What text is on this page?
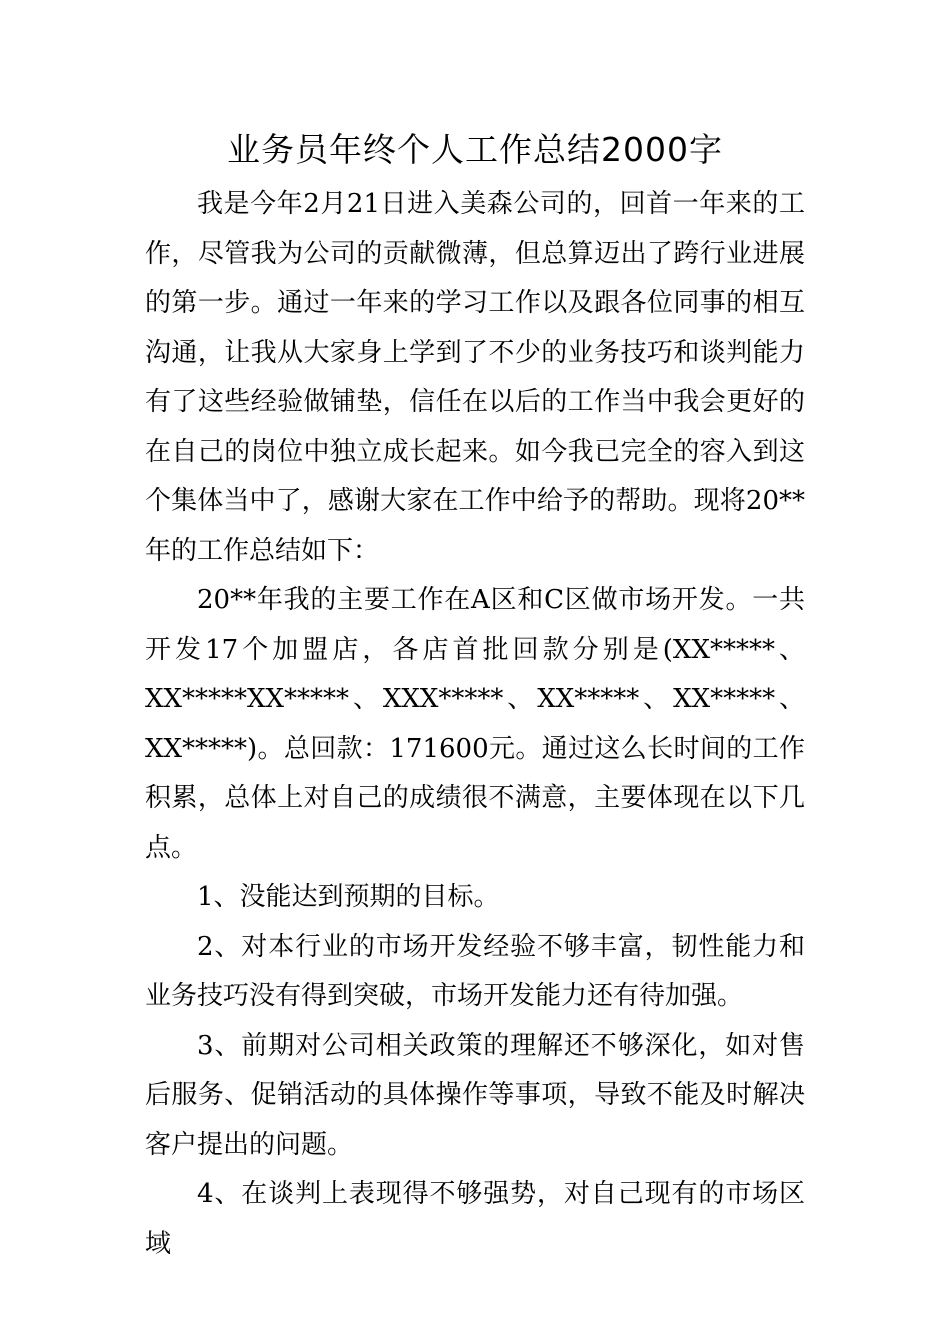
业务员年终个人工作总结2000字

我是今年2月21日进入美森公司的，回首一年来的工作，尽管我为公司的贡献微薄，但总算迈出了跨行业进展的第一步。通过一年来的学习工作以及跟各位同事的相互沟通，让我从大家身上学到了不少的业务技巧和谈判能力有了这些经验做铺垫，信任在以后的工作当中我会更好的在自己的岗位中独立成长起来。如今我已完全的容入到这个集体当中了，感谢大家在工作中给予的帮助。现将20**年的工作总结如下：

20**年我的主要工作在A区和C区做市场开发。一共开发17个加盟店，各店首批回款分别是(XX*****、XX*****XX*****、XXX*****、XX*****、XX*****、XX*****)。总回款：171600元。通过这么长时间的工作积累，总体上对自己的成绩很不满意，主要体现在以下几点。

1、没能达到预期的目标。

2、对本行业的市场开发经验不够丰富，韧性能力和业务技巧没有得到突破，市场开发能力还有待加强。

3、前期对公司相关政策的理解还不够深化，如对售后服务、促销活动的具体操作等事项，导致不能及时解决客户提出的问题。

4、在谈判上表现得不够强势，对自己现有的市场区域
